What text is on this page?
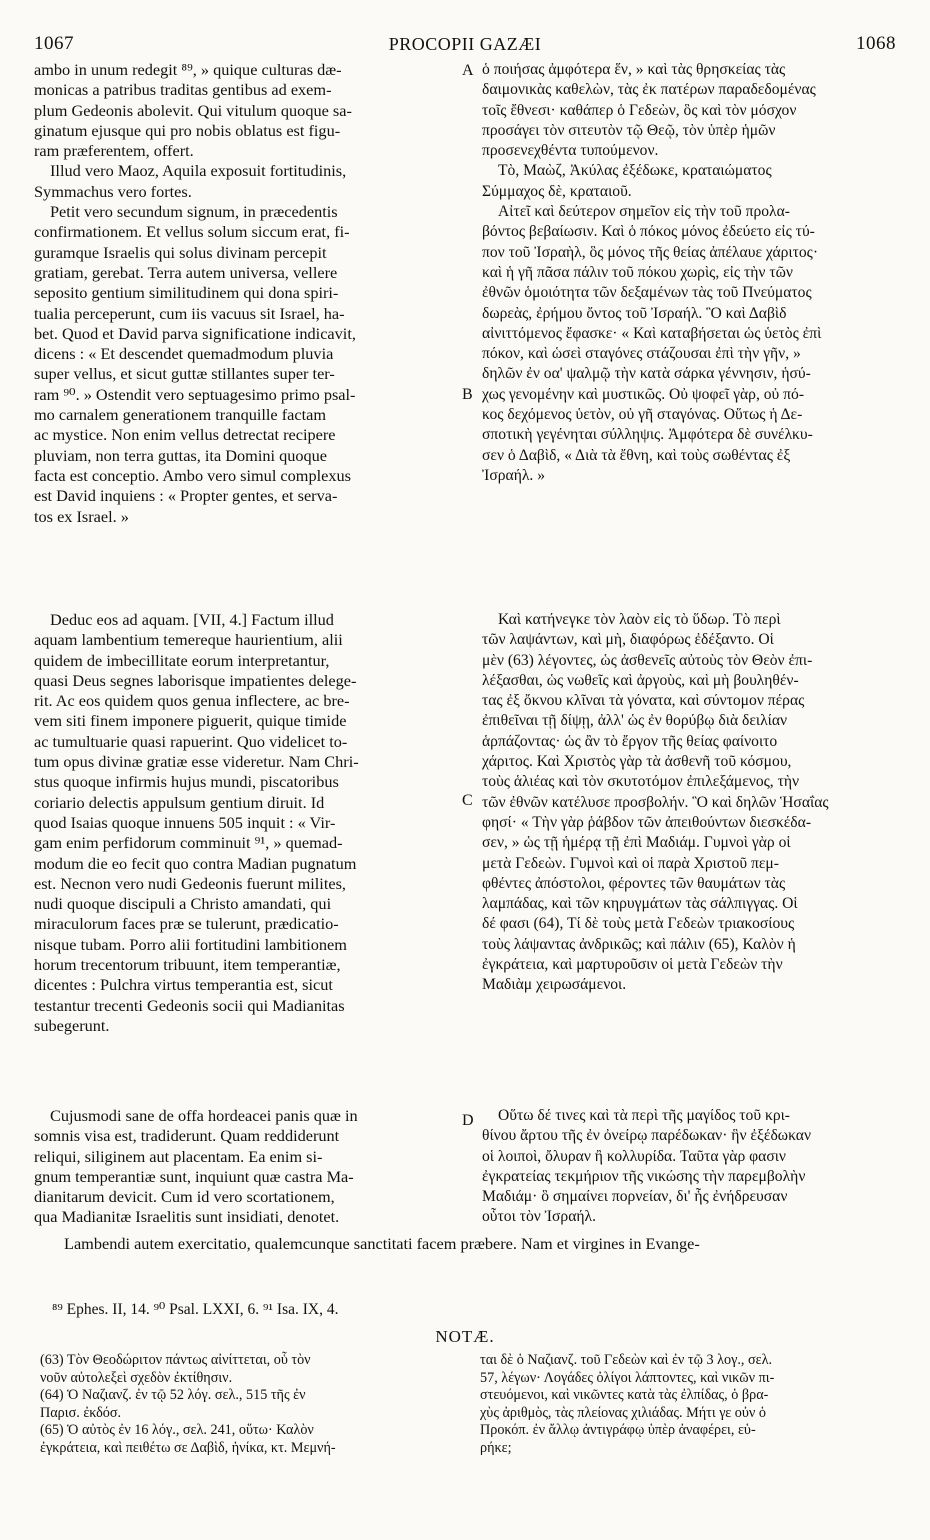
1067	PROCOPII GAZÆI	1068

ambo in unum redegit ⁸⁹, » quique culturas dæ-

monicas a patribus traditas gentibus ad exem-

plum Gedeonis abolevit. Qui vitulum quoque sa-

ginatum ejusque qui pro nobis oblatus est figu-

ram præferentem, offert.

Illud vero Maoz, Aquila exposuit fortitudinis,

Symmachus vero fortes.

Petit vero secundum signum, in præcedentis

confirmationem. Et vellus solum siccum erat, fi-

guramque Israelis qui solus divinam percepit

gratiam, gerebat. Terra autem universa, vellere

seposito gentium similitudinem qui dona spiri-

tualia perceperunt, cum iis vacuus sit Israel, ha-

bet. Quod et David parva significatione indicavit,

dicens : « Et descendet quemadmodum pluvia

super vellus, et sicut guttæ stillantes super ter-

ram ⁹⁰. » Ostendit vero septuagesimo primo psal-

mo carnalem generationem tranquille factam

ac mystice. Non enim vellus detrectat recipere

pluviam, non terra guttas, ita Domini quoque

facta est conceptio. Ambo vero simul complexus

est David inquiens : « Propter gentes, et serva-

tos ex Israel. »

Deduc eos ad aquam. [VII, 4.] Factum illud

aquam lambentium temereque haurientium, alii

quidem de imbecillitate eorum interpretantur,

quasi Deus segnes laborisque impatientes delege-

rit. Ac eos quidem quos genua inflectere, ac bre-

vem siti finem imponere piguerit, quique timide

ac tumultuarie quasi rapuerint. Quo videlicet to-

tum opus divinæ gratiæ esse videretur. Nam Chri-

stus quoque infirmis hujus mundi, piscatoribus

coriario delectis appulsum gentium diruit. Id

quod Isaias quoque innuens 505 inquit : « Vir-

gam enim perfidorum comminuit ⁹¹, » quemad-

modum die eo fecit quo contra Madian pugnatum

est. Necnon vero nudi Gedeonis fuerunt milites,

nudi quoque discipuli a Christo amandati, qui

miraculorum faces præ se tulerunt, prædicatio-

nisque tubam. Porro alii fortitudini lambitionem

horum trecentorum tribuunt, item temperantiæ,

dicentes : Pulchra virtus temperantia est, sicut

testantur trecenti Gedeonis socii qui Madianitas

subegerunt.

Cujusmodi sane de offa hordeacei panis quæ in

somnis visa est, tradiderunt. Quam reddiderunt

reliqui, siliginem aut placentam. Ea enim si-

gnum temperantiæ sunt, inquiunt quæ castra Ma-

dianitarum devicit. Cum id vero scortationem,

qua Madianitæ Israelitis sunt insidiati, denotet.

A
B
C
D

ὁ ποιήσας ἀμφότερα ἕν, » καὶ τὰς θρησκείας τὰς

δαιμονικὰς καθελὼν, τὰς ἐκ πατέρων παραδεδομένας

τοῖς ἔθνεσι· καθάπερ ὁ Γεδεὼν, ὃς καὶ τὸν μόσχον

προσάγει τὸν σιτευτὸν τῷ Θεῷ, τὸν ὑπὲρ ἡμῶν

προσενεχθέντα τυπούμενον.

Τὸ, Μαὼζ, Ἀκύλας ἐξέδωκε, κραταιώματος

Σύμμαχος δὲ, κραταιοῦ.

Αἰτεῖ καὶ δεύτερον σημεῖον εἰς τὴν τοῦ προλα-

βόντος βεβαίωσιν. Καὶ ὁ πόκος μόνος ἐδεύετο εἰς τύ-

πον τοῦ Ἰσραὴλ, ὃς μόνος τῆς θείας ἀπέλαυε χάριτος·

καὶ ἡ γῆ πᾶσα πάλιν τοῦ πόκου χωρὶς, εἰς τὴν τῶν

ἐθνῶν ὁμοιότητα τῶν δεξαμένων τὰς τοῦ Πνεύματος

δωρεὰς, ἐρήμου ὄντος τοῦ Ἰσραήλ. Ὃ καὶ Δαβὶδ

αἰνιττόμενος ἔφασκε· « Καὶ καταβήσεται ὡς ὑετὸς ἐπὶ

πόκον, καὶ ὡσεὶ σταγόνες στάζουσαι ἐπὶ τὴν γῆν, »

δηλῶν ἐν οα' ψαλμῷ τὴν κατὰ σάρκα γέννησιν, ἡσύ-

χως γενομένην καὶ μυστικῶς. Οὐ ψοφεῖ γὰρ, οὐ πό-

κος δεχόμενος ὑετὸν, οὐ γῆ σταγόνας. Οὕτως ἡ Δε-

σποτικὴ γεγένηται σύλληψις. Ἀμφότερα δὲ συνέλκυ-

σεν ὁ Δαβὶδ, « Διὰ τὰ ἔθνη, καὶ τοὺς σωθέντας ἐξ

Ἰσραήλ. »

Καὶ κατήνεγκε τὸν λαὸν εἰς τὸ ὕδωρ. Τὸ περὶ

τῶν λαψάντων, καὶ μὴ, διαφόρως ἐδέξαντο. Οἱ

μὲν (63) λέγοντες, ὡς ἀσθενεῖς αὐτοὺς τὸν Θεὸν ἐπι-

λέξασθαι, ὡς νωθεῖς καὶ ἀργοὺς, καὶ μὴ βουληθέν-

τας ἐξ ὄκνου κλῖναι τὰ γόνατα, καὶ σύντομον πέρας

ἐπιθεῖναι τῇ δίψῃ, ἀλλ' ὡς ἐν θορύβῳ διὰ δειλίαν

ἁρπάζοντας· ὡς ἂν τὸ ἔργον τῆς θείας φαίνοιτο

χάριτος. Καὶ Χριστὸς γὰρ τὰ ἀσθενῆ τοῦ κόσμου,

τοὺς ἁλιέας καὶ τὸν σκυτοτόμον ἐπιλεξάμενος, τὴν

τῶν ἐθνῶν κατέλυσε προσβολήν. Ὃ καὶ δηλῶν Ἡσαΐας

φησί· « Τὴν γὰρ ῥάβδον τῶν ἀπειθούντων διεσκέδα-

σεν, » ὡς τῇ ἡμέρᾳ τῇ ἐπὶ Μαδιάμ. Γυμνοὶ γὰρ οἱ

μετὰ Γεδεὼν. Γυμνοὶ καὶ οἱ παρὰ Χριστοῦ πεμ-

φθέντες ἀπόστολοι, φέροντες τῶν θαυμάτων τὰς

λαμπάδας, καὶ τῶν κηρυγμάτων τὰς σάλπιγγας. Οἱ

δέ φασι (64), Τί δὲ τοὺς μετὰ Γεδεὼν τριακοσίους

τοὺς λάψαντας ἀνδρικῶς; καὶ πάλιν (65), Καλὸν ἡ

ἐγκράτεια, καὶ μαρτυροῦσιν οἱ μετὰ Γεδεὼν τὴν

Μαδιὰμ χειρωσάμενοι.

Οὕτω δέ τινες καὶ τὰ περὶ τῆς μαγίδος τοῦ κρι-

θίνου ἄρτου τῆς ἐν ὀνείρῳ παρέδωκαν· ἣν ἐξέδωκαν

οἱ λοιποὶ, ὄλυραν ἢ κολλυρίδα. Ταῦτα γὰρ φασιν

ἐγκρατείας τεκμήριον τῆς νικώσης τὴν παρεμβολὴν

Μαδιάμ· ὃ σημαίνει πορνείαν, δι' ἧς ἐνήδρευσαν

οὗτοι τὸν Ἰσραήλ.

Lambendi autem exercitatio, qualemcunque sanctitati facem præbere. Nam et virgines in Evange-

⁸⁹ Ephes. II, 14. ⁹⁰ Psal. LXXI, 6. ⁹¹ Isa. IX, 4.
NOTÆ.

(63) Τὸν Θεοδώριτον πάντως αἰνίττεται, οὗ τὸν

νοῦν αὐτολεξεὶ σχεδὸν ἐκτίθησιν.

(64) Ὁ Ναζιανζ. ἐν τῷ 52 λόγ. σελ., 515 τῆς ἐν

Παρισ. ἐκδόσ.

(65) Ὁ αὐτὸς ἐν 16 λόγ., σελ. 241, οὕτω· Καλὸν

ἐγκράτεια, καὶ πειθέτω σε Δαβὶδ, ἡνίκα, κτ. Μεμνή-

ται δὲ ὁ Ναζιανζ. τοῦ Γεδεὼν καὶ ἐν τῷ 3 λογ., σελ.

57, λέγων· Λογάδες ὀλίγοι λάπτοντες, καὶ νικῶν πι-

στευόμενοι, καὶ νικῶντες κατὰ τὰς ἐλπίδας, ὁ βρα-

χὺς ἀριθμὸς, τὰς πλείονας χιλιάδας. Μήτι γε οὐν ὁ

Προκόπ. ἐν ἄλλῳ ἀντιγράφῳ ὑπὲρ ἀναφέρει, εὑ-

ρήκε;
